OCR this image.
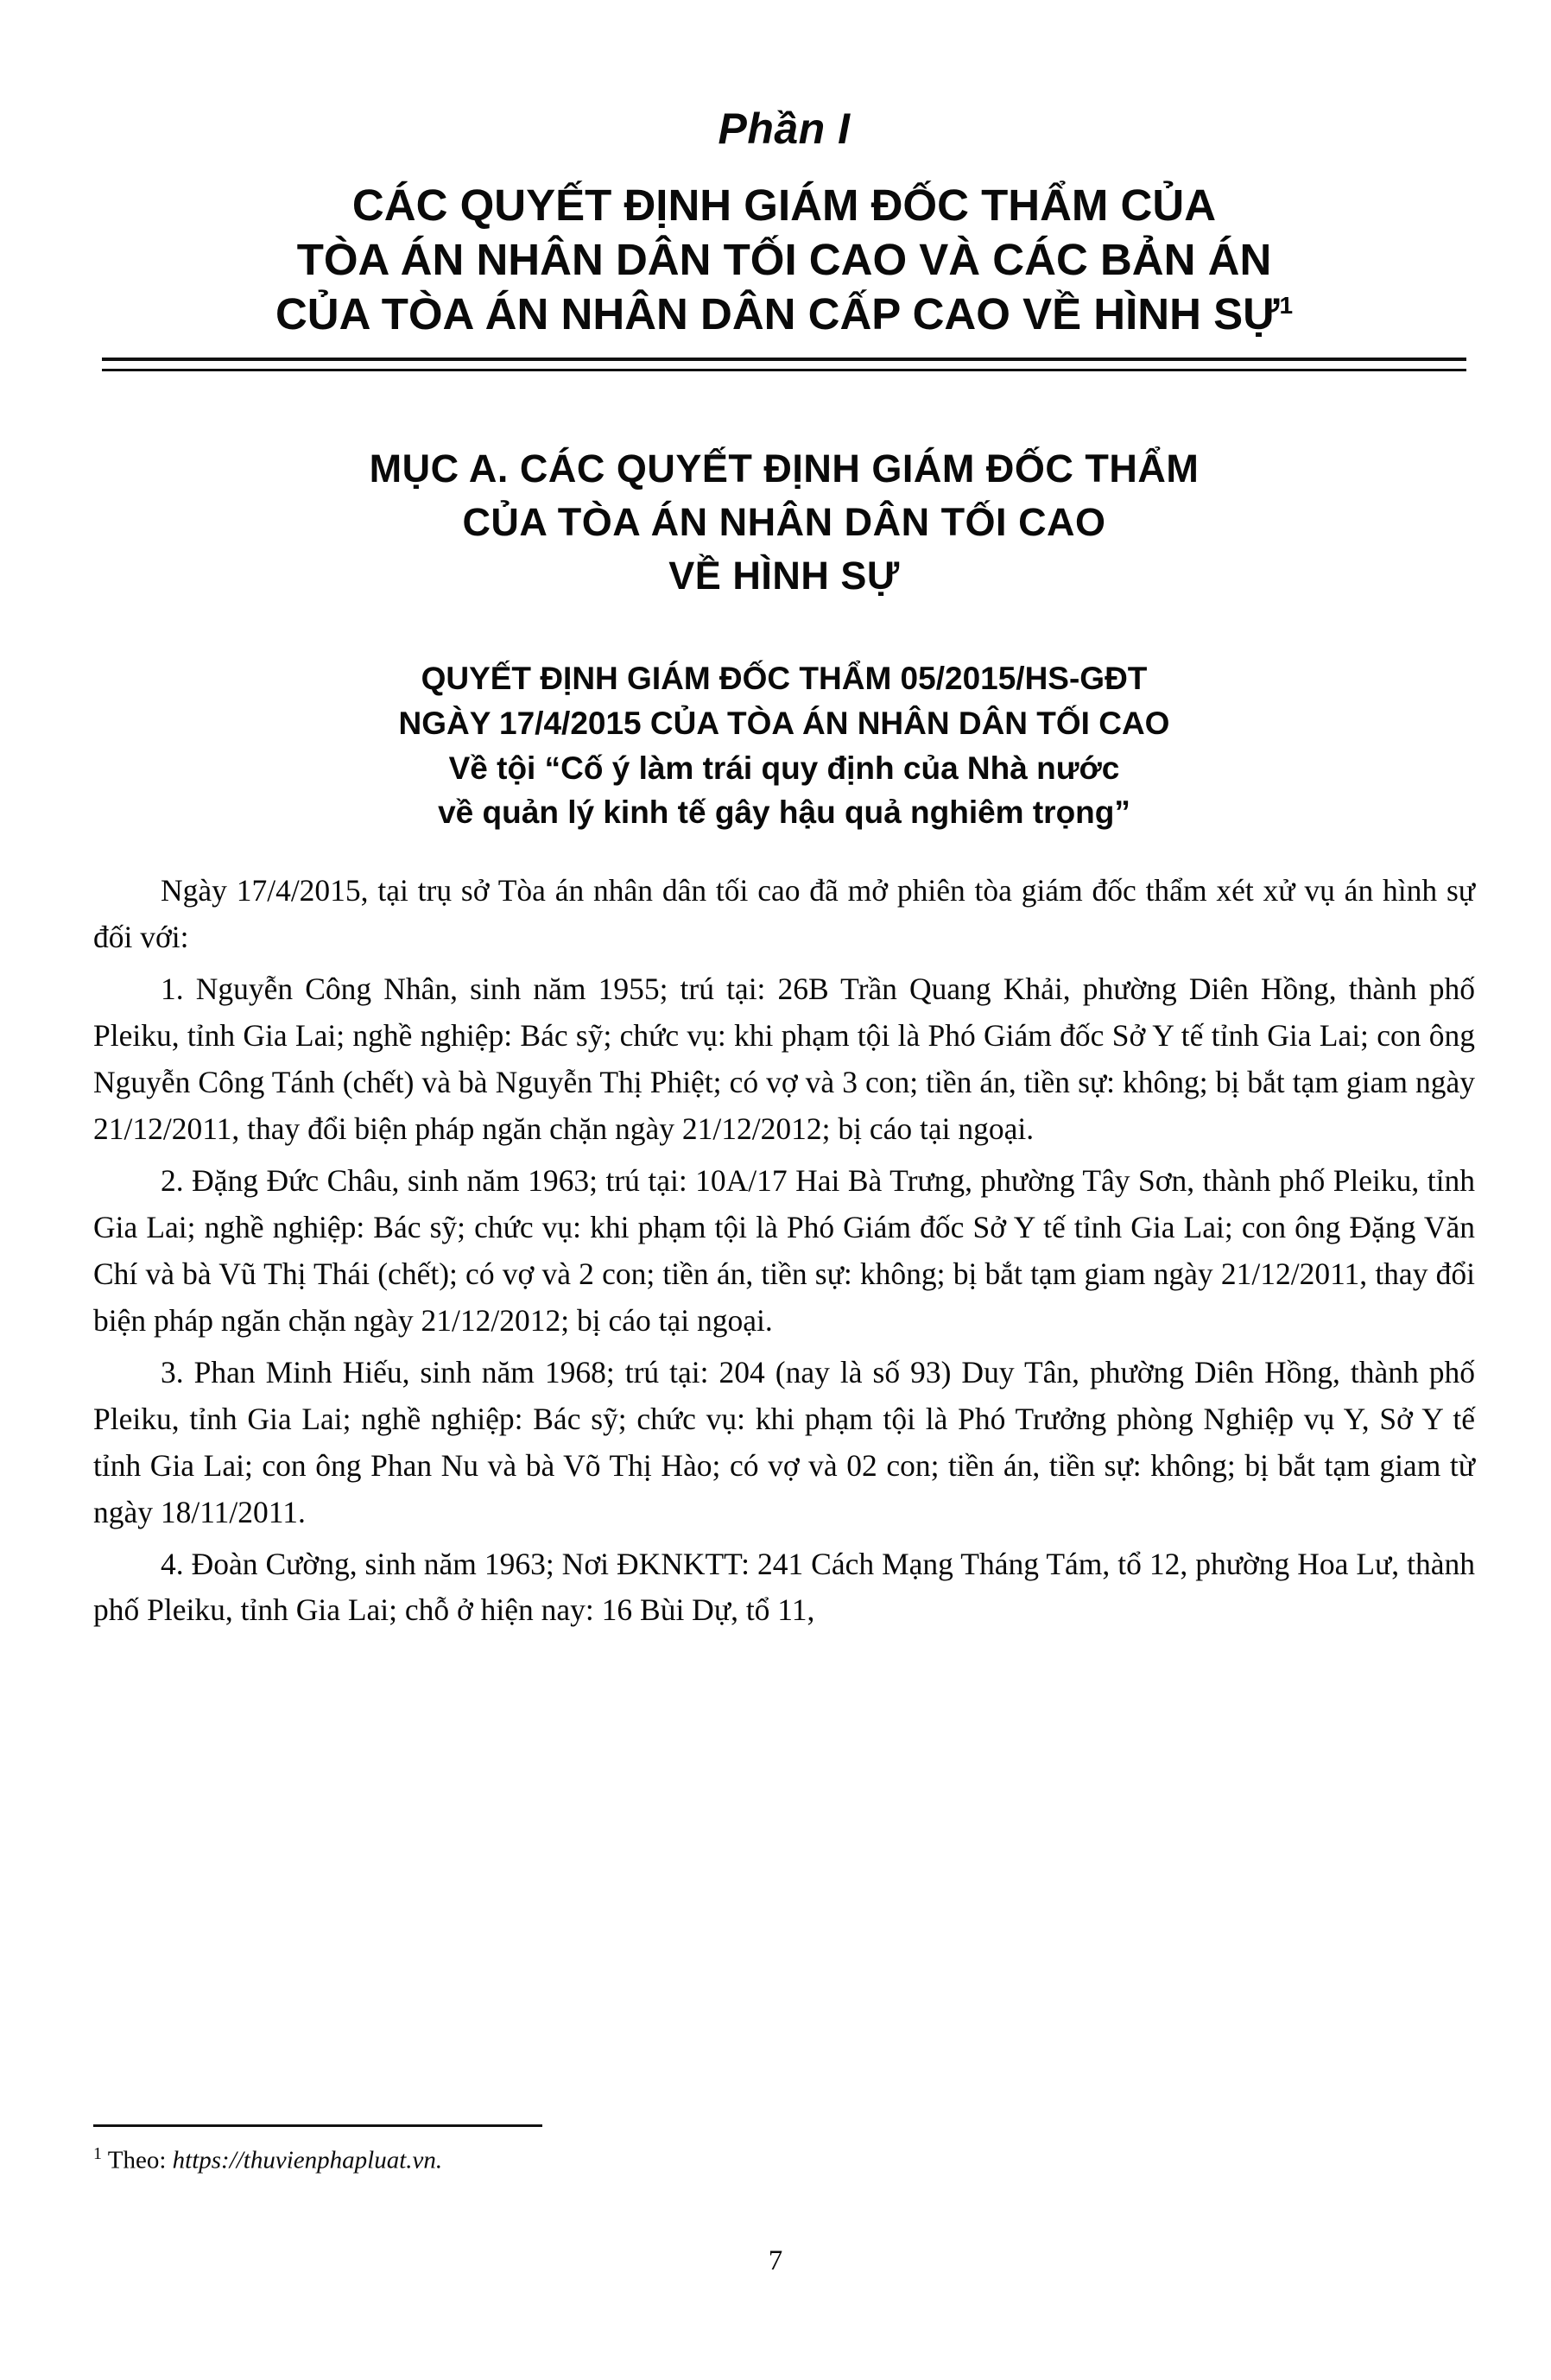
Phần I
CÁC QUYẾT ĐỊNH GIÁM ĐỐC THẨM CỦA
TÒA ÁN NHÂN DÂN TỐI CAO VÀ CÁC BẢN ÁN
CỦA TÒA ÁN NHÂN DÂN CẤP CAO VỀ HÌNH SỰ$^1$
MỤC A. CÁC QUYẾT ĐỊNH GIÁM ĐỐC THẨM
CỦA TÒA ÁN NHÂN DÂN TỐI CAO
VỀ HÌNH SỰ
QUYẾT ĐỊNH GIÁM ĐỐC THẨM 05/2015/HS-GĐT
NGÀY 17/4/2015 CỦA TÒA ÁN NHÂN DÂN TỐI CAO
Về tội “Cố ý làm trái quy định của Nhà nước
về quản lý kinh tế gây hậu quả nghiêm trọng”

Ngày 17/4/2015, tại trụ sở Tòa án nhân dân tối cao đã mở phiên tòa giám đốc thẩm xét xử vụ án hình sự đối với:

1. Nguyễn Công Nhân, sinh năm 1955; trú tại: 26B Trần Quang Khải, phường Diên Hồng, thành phố Pleiku, tỉnh Gia Lai; nghề nghiệp: Bác sỹ; chức vụ: khi phạm tội là Phó Giám đốc Sở Y tế tỉnh Gia Lai; con ông Nguyễn Công Tánh (chết) và bà Nguyễn Thị Phiệt; có vợ và 3 con; tiền án, tiền sự: không; bị bắt tạm giam ngày 21/12/2011, thay đổi biện pháp ngăn chặn ngày 21/12/2012; bị cáo tại ngoại.

2. Đặng Đức Châu, sinh năm 1963; trú tại: 10A/17 Hai Bà Trưng, phường Tây Sơn, thành phố Pleiku, tỉnh Gia Lai; nghề nghiệp: Bác sỹ; chức vụ: khi phạm tội là Phó Giám đốc Sở Y tế tỉnh Gia Lai; con ông Đặng Văn Chí và bà Vũ Thị Thái (chết); có vợ và 2 con; tiền án, tiền sự: không; bị bắt tạm giam ngày 21/12/2011, thay đổi biện pháp ngăn chặn ngày 21/12/2012; bị cáo tại ngoại.

3. Phan Minh Hiếu, sinh năm 1968; trú tại: 204 (nay là số 93) Duy Tân, phường Diên Hồng, thành phố Pleiku, tỉnh Gia Lai; nghề nghiệp: Bác sỹ; chức vụ: khi phạm tội là Phó Trưởng phòng Nghiệp vụ Y, Sở Y tế tỉnh Gia Lai; con ông Phan Nu và bà Võ Thị Hào; có vợ và 02 con; tiền án, tiền sự: không; bị bắt tạm giam từ ngày 18/11/2011.

4. Đoàn Cường, sinh năm 1963; Nơi ĐKNKTT: 241 Cách Mạng Tháng Tám, tổ 12, phường Hoa Lư, thành phố Pleiku, tỉnh Gia Lai; chỗ ở hiện nay: 16 Bùi Dự, tổ 11,

$^1$ Theo: https://thuvienphapluat.vn.
7
